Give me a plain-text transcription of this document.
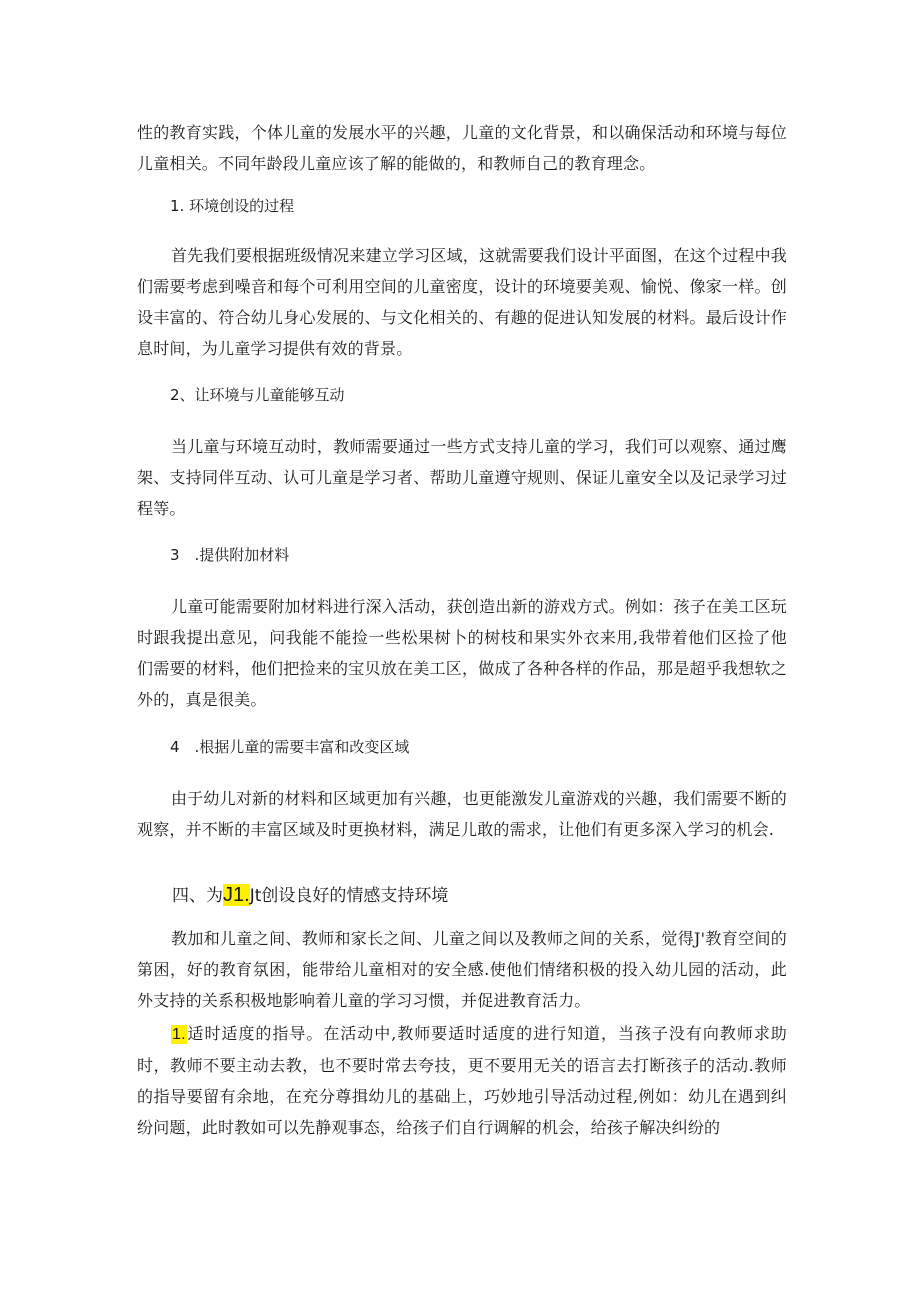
性的教育实践，个体儿童的发展水平的兴趣，儿童的文化背景，和以确保活动和环境与每位儿童相关。不同年龄段儿童应该了解的能做的，和教师自己的教育理念。

1. 环境创设的过程

首先我们要根据班级情况来建立学习区域，这就需要我们设计平面图，在这个过程中我们需要考虑到噪音和每个可利用空间的儿童密度，设计的环境要美观、愉悦、像家一样。创设丰富的、符合幼儿身心发展的、与文化相关的、有趣的促进认知发展的材料。最后设计作息时间，为儿童学习提供有效的背景。

2、让环境与儿童能够互动

当儿童与环境互动时，教师需要通过一些方式支持儿童的学习，我们可以观察、通过鹰架、支持同伴互动、认可儿童是学习者、帮助儿童遵守规则、保证儿童安全以及记录学习过程等。

3　.提供附加材料

儿童可能需要附加材料进行深入活动，获创造出新的游戏方式。例如：孩子在美工区玩时跟我提出意见，问我能不能捡一些松果树卜的树枝和果实外衣来用,我带着他们区捡了他们需要的材料，他们把捡来的宝贝放在美工区，做成了各种各样的作品，那是超乎我想软之外的，真是很美。

4　.根据儿童的需要丰富和改变区域

由于幼儿对新的材料和区域更加有兴趣，也更能激发儿童游戏的兴趣，我们需要不断的观察，并不断的丰富区域及时更换材料，满足儿敢的需求，让他们有更多深入学习的机会.

四、为J1.Jt创设良好的情感支持环境

教加和儿童之间、教师和家长之间、儿童之间以及教师之间的关系，觉得J'教育空间的第困，好的教育氛困，能带给儿童相对的安全感.使他们情绪积极的投入幼儿园的活动，此外支持的关系积极地影响着儿童的学习习惯，并促进教育活力。

1.适时适度的指导。在活动中,教师要适时适度的进行知道，当孩子没有向教师求助时，教师不要主动去教，也不要时常去夸技，更不要用无关的语言去打断孩子的活动.教师的指导要留有余地，在充分尊揖幼儿的基础上，巧妙地引导活动过程,例如：幼儿在遇到纠纷问题，此时教如可以先静观事态，给孩子们自行调解的机会，给孩子解决纠纷的
